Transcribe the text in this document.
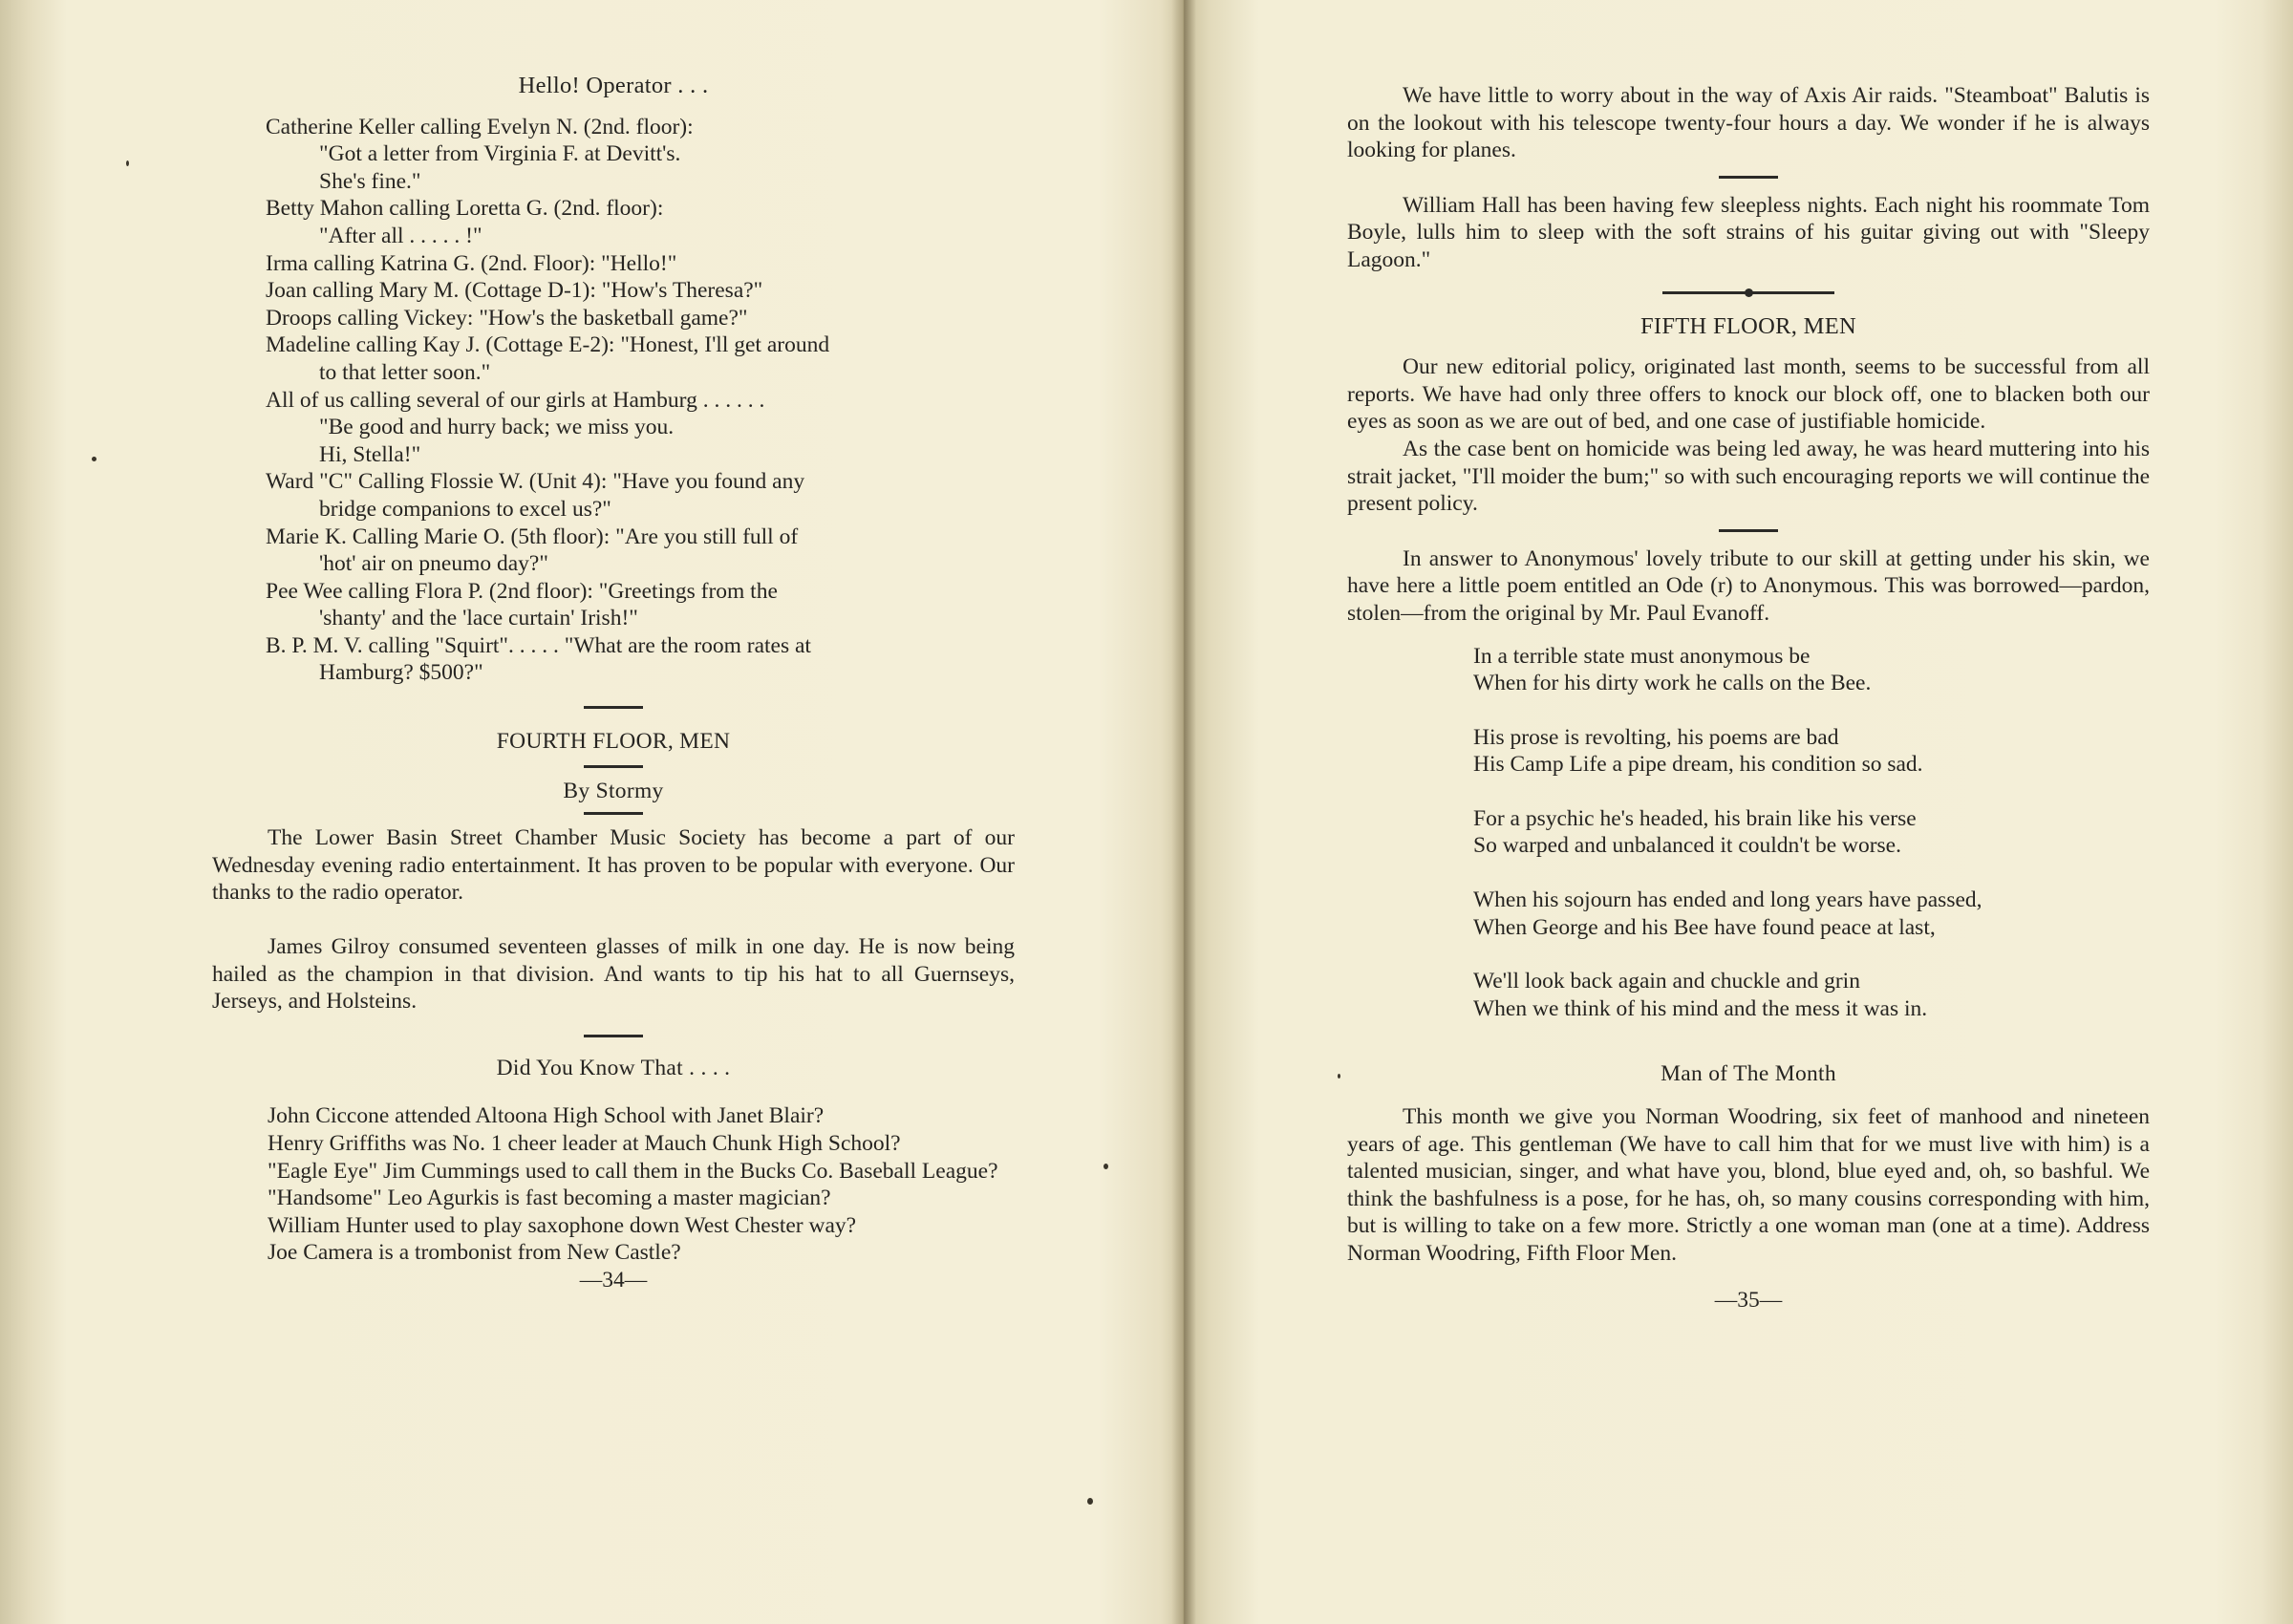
Hello! Operator . . .

Catherine Keller calling Evelyn N. (2nd. floor):

"Got a letter from Virginia F. at Devitt's.

She's fine."

Betty Mahon calling Loretta G. (2nd. floor):

"After all . . . . . !"

Irma calling Katrina G. (2nd. Floor): "Hello!"

Joan calling Mary M. (Cottage D-1): "How's Theresa?"

Droops calling Vickey: "How's the basketball game?"

Madeline calling Kay J. (Cottage E-2): "Honest, I'll get around

to that letter soon."

All of us calling several of our girls at Hamburg . . . . . .

"Be good and hurry back; we miss you.

Hi, Stella!"

Ward "C" Calling Flossie W. (Unit 4): "Have you found any

bridge companions to excel us?"

Marie K. Calling Marie O. (5th floor): "Are you still full of

'hot' air on pneumo day?"

Pee Wee calling Flora P. (2nd floor): "Greetings from the

'shanty' and the 'lace curtain' Irish!"

B. P. M. V. calling "Squirt". . . . . "What are the room rates at

Hamburg? $500?"

FOURTH FLOOR, MEN

By Stormy

The Lower Basin Street Chamber Music Society has become a part of our Wednesday evening radio entertainment. It has proven to be popular with everyone. Our thanks to the radio operator.

James Gilroy consumed seventeen glasses of milk in one day. He is now being hailed as the champion in that division. And wants to tip his hat to all Guernseys, Jerseys, and Holsteins.

Did You Know That . . . .

John Ciccone attended Altoona High School with Janet Blair?

Henry Griffiths was No. 1 cheer leader at Mauch Chunk High School?

"Eagle Eye" Jim Cummings used to call them in the Bucks Co. Baseball League?

"Handsome" Leo Agurkis is fast becoming a master magician?

William Hunter used to play saxophone down West Chester way?

Joe Camera is a trombonist from New Castle?

—34—

We have little to worry about in the way of Axis Air raids. "Steamboat" Balutis is on the lookout with his telescope twenty-four hours a day. We wonder if he is always looking for planes.

William Hall has been having few sleepless nights. Each night his roommate Tom Boyle, lulls him to sleep with the soft strains of his guitar giving out with "Sleepy Lagoon."

FIFTH FLOOR, MEN

Our new editorial policy, originated last month, seems to be successful from all reports. We have had only three offers to knock our block off, one to blacken both our eyes as soon as we are out of bed, and one case of justifiable homicide.

As the case bent on homicide was being led away, he was heard muttering into his strait jacket, "I'll moider the bum;" so with such encouraging reports we will continue the present policy.

In answer to Anonymous' lovely tribute to our skill at getting under his skin, we have here a little poem entitled an Ode (r) to Anonymous. This was borrowed—pardon, stolen—from the original by Mr. Paul Evanoff.

In a terrible state must anonymous be

When for his dirty work he calls on the Bee.

His prose is revolting, his poems are bad

His Camp Life a pipe dream, his condition so sad.

For a psychic he's headed, his brain like his verse

So warped and unbalanced it couldn't be worse.

When his sojourn has ended and long years have passed,

When George and his Bee have found peace at last,

We'll look back again and chuckle and grin

When we think of his mind and the mess it was in.

Man of The Month

This month we give you Norman Woodring, six feet of manhood and nineteen years of age. This gentleman (We have to call him that for we must live with him) is a talented musician, singer, and what have you, blond, blue eyed and, oh, so bashful. We think the bashfulness is a pose, for he has, oh, so many cousins corresponding with him, but is willing to take on a few more. Strictly a one woman man (one at a time). Address Norman Woodring, Fifth Floor Men.

—35—
